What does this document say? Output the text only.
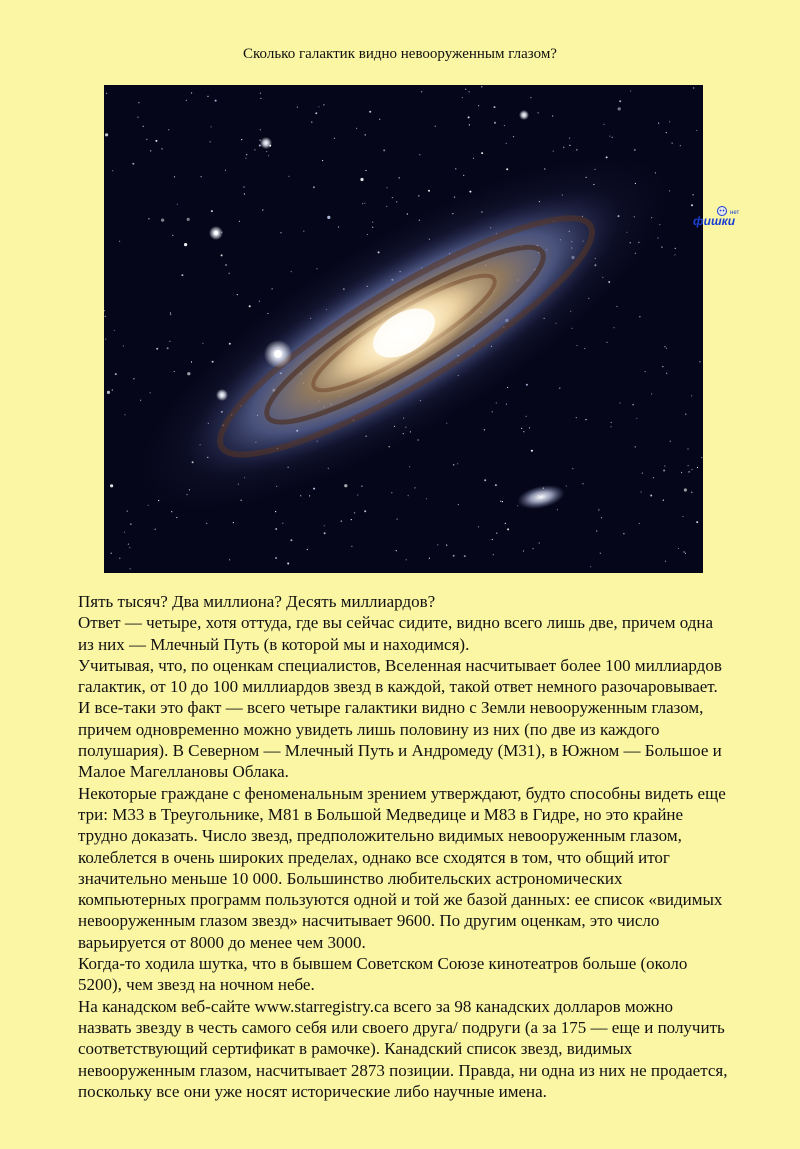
Сколько галактик видно невооруженным глазом?
нет
фишки

Пять тысяч? Два миллиона? Десять миллиардов?

Ответ — четыре, хотя оттуда, где вы сейчас сидите, видно всего лишь две, причем одна из них — Млечный Путь (в которой мы и находимся).

Учитывая, что, по оценкам специалистов, Вселенная насчитывает более 100 миллиардов галактик, от 10 до 100 миллиардов звезд в каждой, такой ответ немного разочаровывает. И все-таки это факт — всего четыре галактики видно с Земли невооруженным глазом, причем одновременно можно увидеть лишь половину из них (по две из каждого полушария). В Северном — Млечный Путь и Андромеду (М31), в Южном — Большое и Малое Магеллановы Облака.

Некоторые граждане с феноменальным зрением утверждают, будто способны видеть еще три: М33 в Треугольнике, М81 в Большой Медведице и М83 в Гидре, но это крайне трудно доказать. Число звезд, предположительно видимых невооруженным глазом, колеблется в очень широких пределах, однако все сходятся в том, что общий итог значительно меньше 10 000. Большинство любительских астрономических компьютерных программ пользуются одной и той же базой данных: ее список «видимых невооруженным глазом звезд» насчитывает 9600. По другим оценкам, это число варьируется от 8000 до менее чем 3000.

Когда-то ходила шутка, что в бывшем Советском Союзе кинотеатров больше (около 5200), чем звезд на ночном небе.

На канадском веб-сайте www.starregistry.ca всего за 98 канадских долларов можно назвать звезду в честь самого себя или своего друга/ подруги (а за 175 — еще и получить соответствующий сертификат в рамочке). Канадский список звезд, видимых невооруженным глазом, насчитывает 2873 позиции. Правда, ни одна из них не продается, поскольку все они уже носят исторические либо научные имена.
